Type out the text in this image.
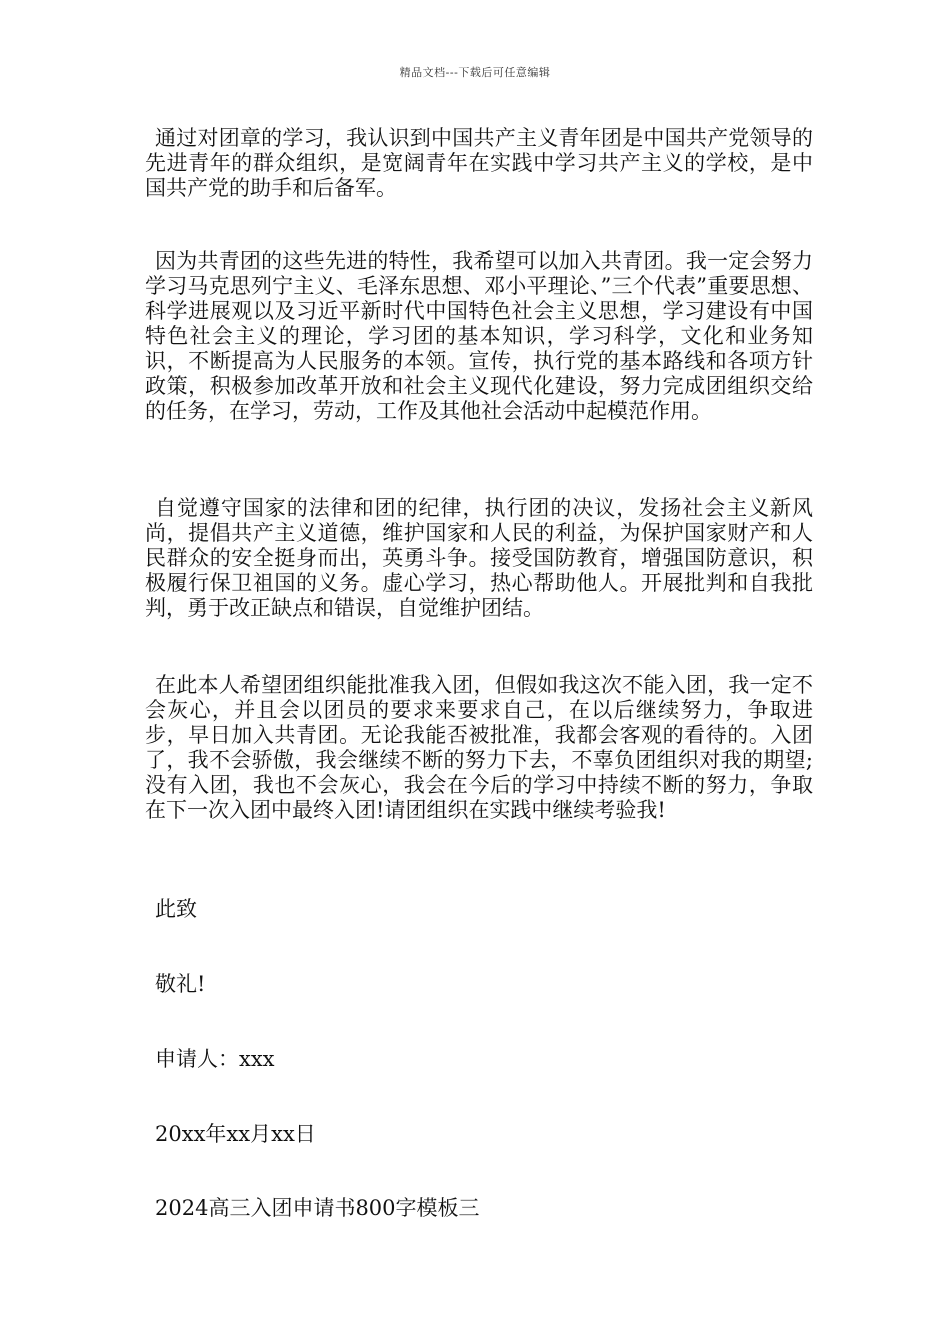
精品文档---下载后可任意编辑

通过对团章的学习，我认识到中国共产主义青年团是中国共产党领导的先进青年的群众组织，是宽阔青年在实践中学习共产主义的学校，是中国共产党的助手和后备军。

因为共青团的这些先进的特性，我希望可以加入共青团。我一定会努力学习马克思列宁主义、毛泽东思想、邓小平理论、”三个代表”重要思想、科学进展观以及习近平新时代中国特色社会主义思想，学习建设有中国特色社会主义的理论，学习团的基本知识，学习科学，文化和业务知识，不断提高为人民服务的本领。宣传，执行党的基本路线和各项方针政策，积极参加改革开放和社会主义现代化建设，努力完成团组织交给的任务，在学习，劳动，工作及其他社会活动中起模范作用。

自觉遵守国家的法律和团的纪律，执行团的决议，发扬社会主义新风尚，提倡共产主义道德，维护国家和人民的利益，为保护国家财产和人民群众的安全挺身而出，英勇斗争。接受国防教育，增强国防意识，积极履行保卫祖国的义务。虚心学习，热心帮助他人。开展批判和自我批判，勇于改正缺点和错误，自觉维护团结。

在此本人希望团组织能批准我入团，但假如我这次不能入团，我一定不会灰心，并且会以团员的要求来要求自己，在以后继续努力，争取进步，早日加入共青团。无论我能否被批准，我都会客观的看待的。入团了，我不会骄傲，我会继续不断的努力下去，不辜负团组织对我的期望;没有入团，我也不会灰心，我会在今后的学习中持续不断的努力，争取在下一次入团中最终入团!请团组织在实践中继续考验我!

此致
敬礼!
申请人：xxx
20xx年xx月xx日
2024高三入团申请书800字模板三
